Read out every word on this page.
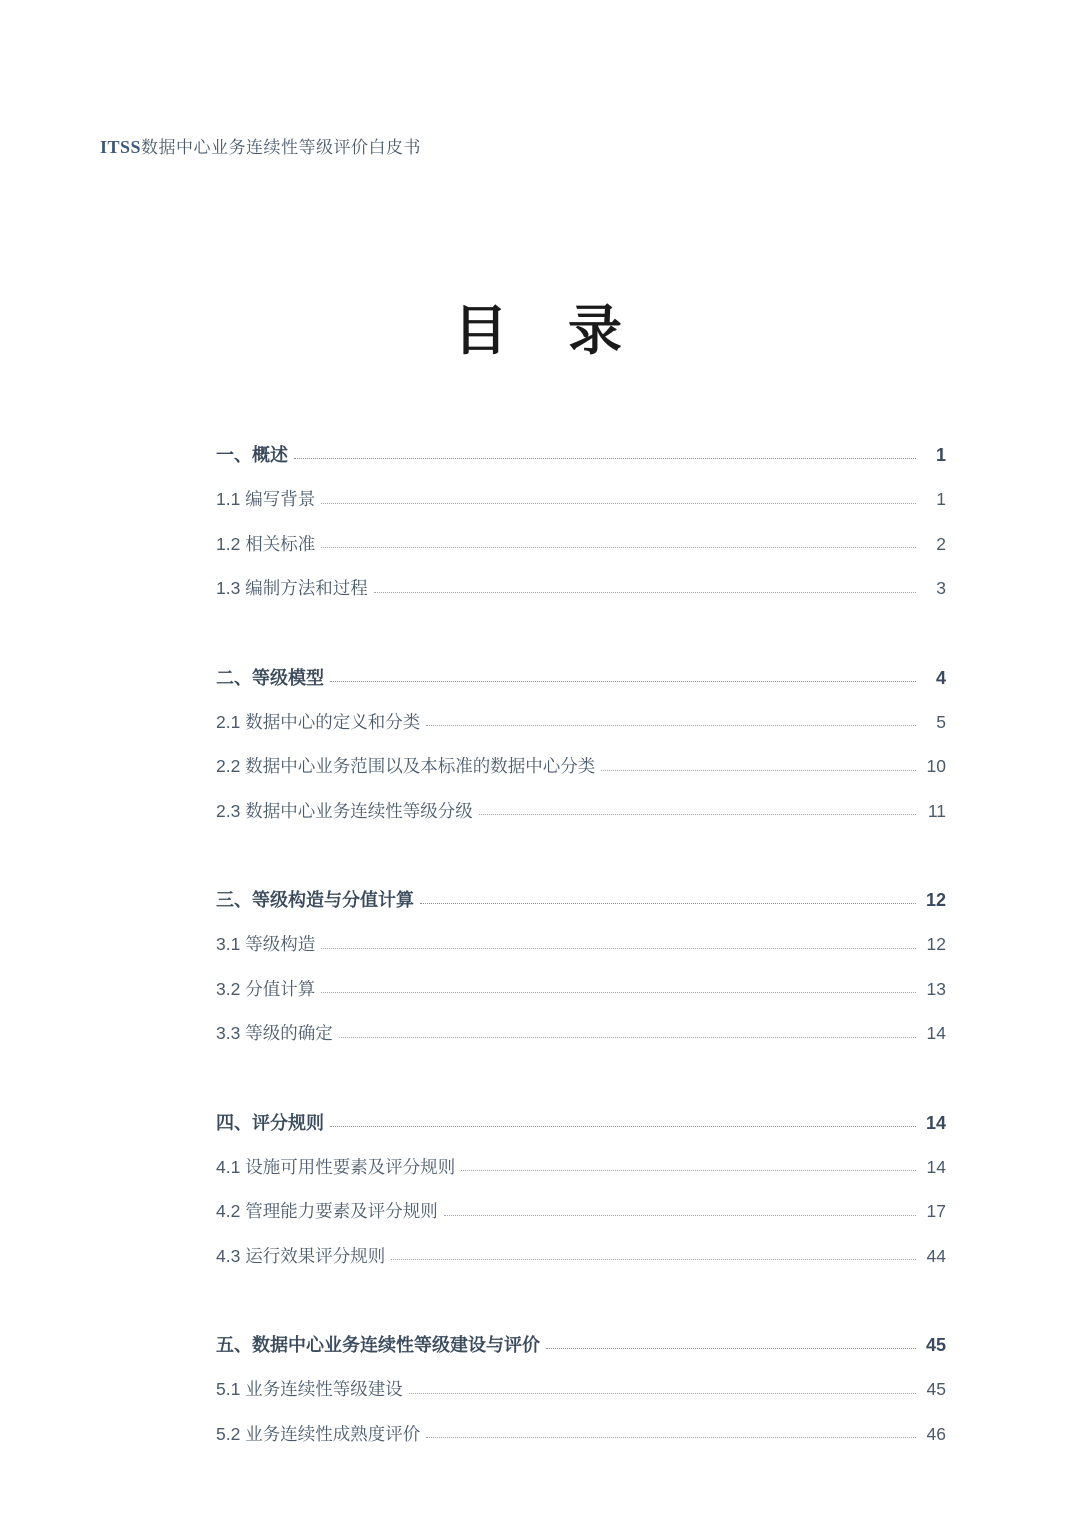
ITSS数据中心业务连续性等级评价白皮书
目 录
一、概述	1
1.1 编写背景	1
1.2 相关标准	2
1.3 编制方法和过程	3
二、等级模型	4
2.1 数据中心的定义和分类	5
2.2 数据中心业务范围以及本标准的数据中心分类	10
2.3 数据中心业务连续性等级分级	11
三、等级构造与分值计算	12
3.1 等级构造	12
3.2 分值计算	13
3.3 等级的确定	14
四、评分规则	14
4.1 设施可用性要素及评分规则	14
4.2 管理能力要素及评分规则	17
4.3 运行效果评分规则	44
五、数据中心业务连续性等级建设与评价	45
5.1 业务连续性等级建设	45
5.2 业务连续性成熟度评价	46
